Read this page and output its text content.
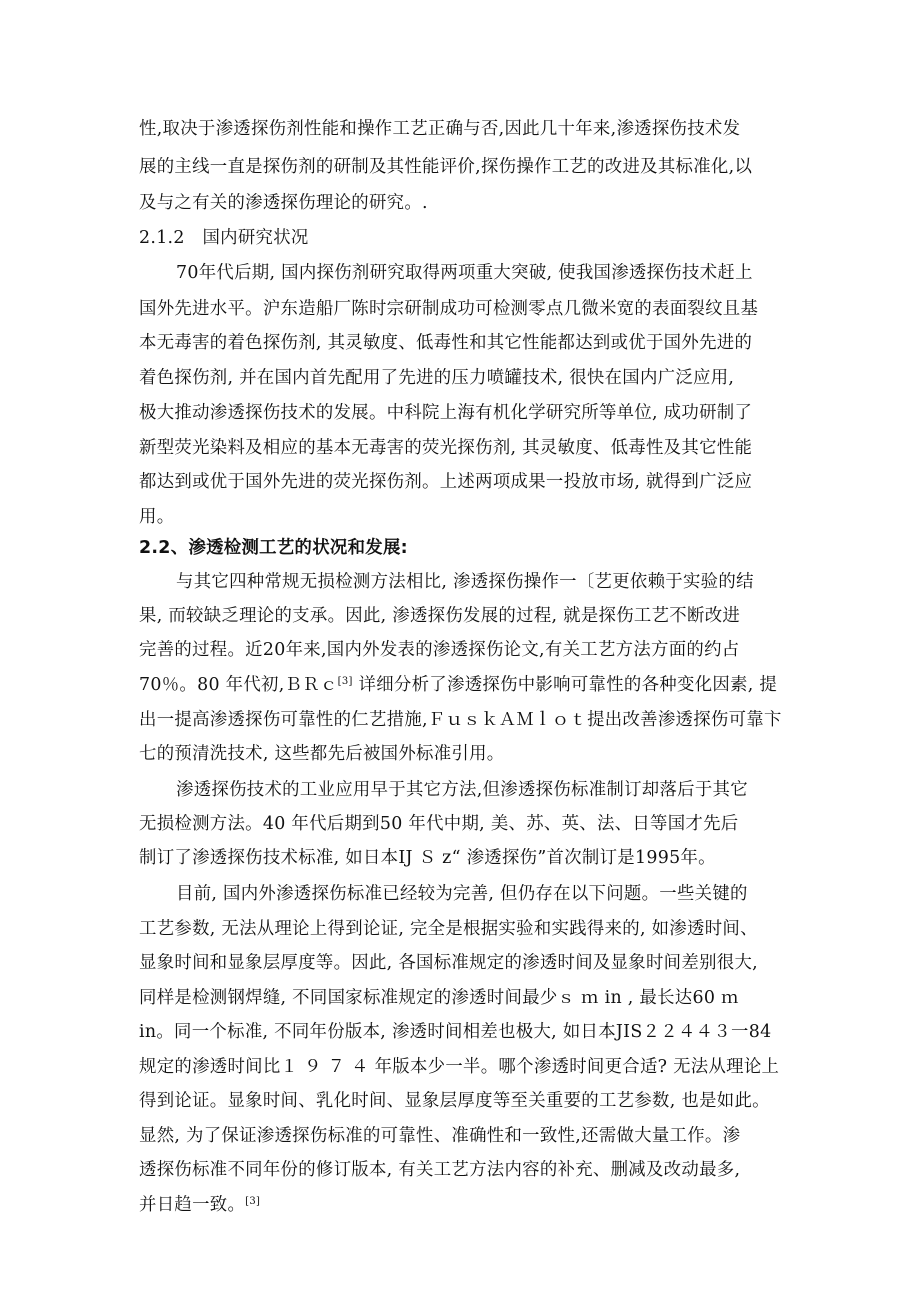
性,取决于渗透探伤剂性能和操作工艺正确与否,因此几十年来,渗透探伤技术发
展的主线一直是探伤剂的研制及其性能评价,探伤操作工艺的改进及其标准化,以
及与之有关的渗透探伤理论的研究。.
2.1.2　国内研究状况
70年代后期, 国内探伤剂研究取得两项重大突破, 使我国渗透探伤技术赶上
国外先进水平。沪东造船厂陈时宗研制成功可检测零点几微米宽的表面裂纹且基
本无毒害的着色探伤剂, 其灵敏度、低毒性和其它性能都达到或优于国外先进的
着色探伤剂, 并在国内首先配用了先进的压力喷罐技术, 很快在国内广泛应用,
极大推动渗透探伤技术的发展。中科院上海有机化学研究所等单位, 成功研制了
新型荧光染料及相应的基本无毒害的荧光探伤剂, 其灵敏度、低毒性及其它性能
都达到或优于国外先进的荧光探伤剂。上述两项成果一投放市场, 就得到广泛应
用。
2.2、渗透检测工艺的状况和发展:
与其它四种常规无损检测方法相比, 渗透探伤操作一〔艺更依赖于实验的结
果, 而较缺乏理论的支承。因此, 渗透探伤发展的过程, 就是探伤工艺不断改进
完善的过程。近20年来,国内外发表的渗透探伤论文,有关工艺方法方面的约占
70％。80 年代初,ＢＲｃ[3] 详细分析了渗透探伤中影响可靠性的各种变化因素, 提
出一提高渗透探伤可靠性的仁艺措施,ＦｕｓｋＡＭｌｏｔ提出改善渗透探伤可靠卞
七的预清洗技术, 这些都先后被国外标准引用。
渗透探伤技术的工业应用早于其它方法,但渗透探伤标准制订却落后于其它
无损检测方法。40 年代后期到50 年代中期, 美、苏、英、法、日等国才先后
制订了渗透探伤技术标准, 如日本IJ Ｓ z“ 渗透探伤”首次制订是1995年。
目前, 国内外渗透探伤标准已经较为完善, 但仍存在以下问题。一些关键的
工艺参数, 无法从理论上得到论证, 完全是根据实验和实践得来的, 如渗透时间、
显象时间和显象层厚度等。因此, 各国标准规定的渗透时间及显象时间差别很大,
同样是检测钢焊缝, 不同国家标准规定的渗透时间最少ｓ ｍ in , 最长达60 ｍ
in。同一个标准, 不同年份版本, 渗透时间相差也极大, 如日本JIS２２４４３一84
规定的渗透时间比１ ９ ７ ４ 年版本少一半。哪个渗透时间更合适? 无法从理论上
得到论证。显象时间、乳化时间、显象层厚度等至关重要的工艺参数, 也是如此。
显然, 为了保证渗透探伤标准的可靠性、准确性和一致性,还需做大量工作。渗
透探伤标准不同年份的修订版本, 有关工艺方法内容的补充、删减及改动最多,
并日趋一致。[3]
